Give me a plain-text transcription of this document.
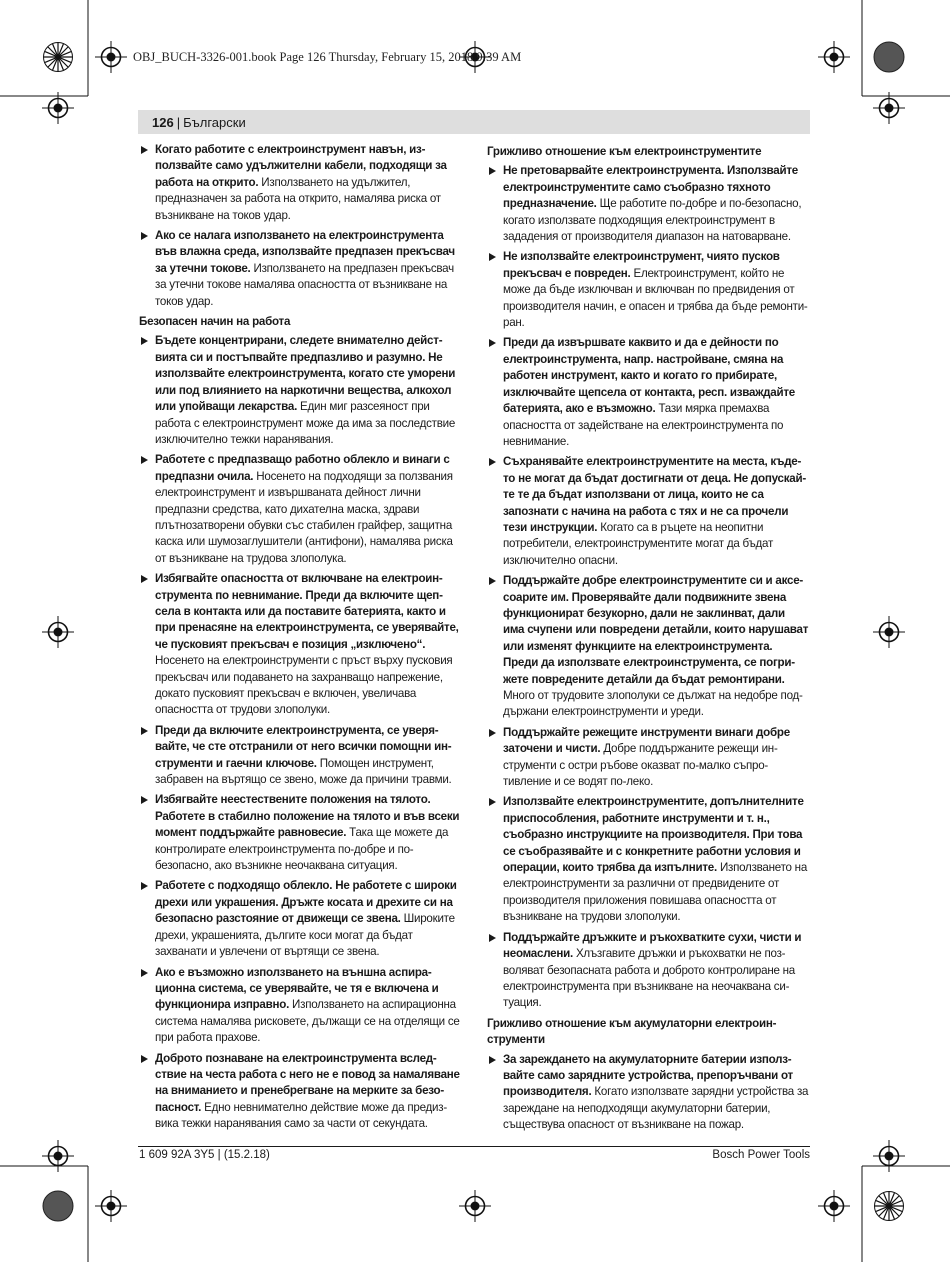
OBJ_BUCH-3326-001.book Page 126 Thursday, February 15, 2018 9:39 AM
126 | Български
Когато работите с електроинструмент навън, използвайте само удължителни кабели, подходящи за работа на открито. Използването на удължител, предназначен за работа на открито, намалява риска от възникване на токов удар.
Ако се налага използването на електроинструмента във влажна среда, използвайте предпазен прекъсвач за утечни токове. Използването на предпазен прекъсвач за утечни токове намалява опасността от възникване на токов удар.
Безопасен начин на работа
Бъдете концентрирани, следете внимателно действията си и постъпвайте предпазливо и разумно. Не използвайте електроинструмента, когато сте уморени или под влиянието на наркотични вещества, алкохол или упойващи лекарства. Един миг разсеяност при работа с електроинструмент може да има за последствие изключително тежки наранявания.
Работете с предпазващо работно облекло и винаги с предпазни очила. Носенето на подходящи за ползвания електроинструмент и извършваната дейност лични предпазни средства, като дихателна маска, здрави плътнозатворени обувки със стабилен грайфер, защитна каска или шумозаглушители (антифони), намалява риска от възникване на трудова злополука.
Избягвайте опасността от включване на електроинструмента по невнимание. Преди да включите щепсела в контакта или да поставите батерията, както и при пренасяне на електроинструмента, се уверявайте, че пусковият прекъсвач е позиция „изключено“. Носенето на електроинструменти с пръст върху пусковия прекъсвач или подаването на захранващо напрежение, докато пусковият прекъсвач е включен, увеличава опасността от трудови злополуки.
Преди да включите електроинструмента, се уверявайте, че сте отстранили от него всички помощни инструменти и гаечни ключове. Помощен инструмент, забравен на въртящо се звено, може да причини травми.
Избягвайте неестествените положения на тялото. Работете в стабилно положение на тялото и във всеки момент поддържайте равновесие. Така ще можете да контролирате електроинструмента по-добре и по-безопасно, ако възникне неочаквана ситуация.
Работете с подходящо облекло. Не работете с широки дрехи или украшения. Дръжте косата и дрехите си на безопасно разстояние от движещи се звена. Широките дрехи, украшенията, дългите коси могат да бъдат захванати и увлечени от въртящи се звена.
Ако е възможно използването на външна аспирационна система, се уверявайте, че тя е включена и функционира изправно. Използването на аспирационна система намалява рисковете, дължащи се на отделящи се при работа прахове.
Доброто познаване на електроинструмента вследствие на честа работа с него не е повод за намаляване на вниманието и пренебрегване на мерките за безопасност. Едно невнимателно действие може да предизвика тежки наранявания само за части от секундата.
Грижливо отношение към електроинструментите
Не претоварвайте електроинструмента. Използвайте електроинструментите само съобразно тяхното предназначение. Ще работите по-добре и по-безопасно, когато използвате подходящия електроинструмент в зададения от производителя диапазон на натоварване.
Не използвайте електроинструмент, чиято пусков прекъсвач е повреден. Електроинструмент, който не може да бъде изключван и включван по предвидения от производителя начин, е опасен и трябва да бъде ремонтиран.
Преди да извършвате каквито и да е дейности по електроинструмента, напр. настройване, смяна на работен инструмент, както и когато го прибирате, изключвайте щепсела от контакта, респ. изваждайте батерията, ако е възможно. Тази мярка премахва опасността от задействане на електроинструмента по невнимание.
Съхранявайте електроинструментите на места, където не могат да бъдат достигнати от деца. Не допускайте те да бъдат използвани от лица, които не са запознати с начина на работа с тях и не са прочели тези инструкции. Когато са в ръцете на неопитни потребители, електроинструментите могат да бъдат изключително опасни.
Поддържайте добре електроинструментите си и аксесоарите им. Проверявайте дали подвижните звена функционират безукорно, дали не заклинват, дали има счупени или повредени детайли, които нарушават или изменят функциите на електроинструмента. Преди да използвате електроинструмента, се погрижете повредените детайли да бъдат ремонтирани. Много от трудовите злополуки се дължат на недобре поддържани електроинструменти и уреди.
Поддържайте режещите инструменти винаги добре заточени и чисти. Добре поддържаните режещи инструменти с остри ръбове оказват по-малко съпротивление и се водят по-леко.
Използвайте електроинструментите, допълнителните приспособления, работните инструменти и т. н., съобразно инструкциите на производителя. При това се съобразявайте и с конкретните работни условия и операции, които трябва да изпълните. Използването на електроинструменти за различни от предвидените от производителя приложения повишава опасността от възникване на трудови злополуки.
Поддържайте дръжките и ръкохватките сухи, чисти и неомаслени. Хлъзгавите дръжки и ръкохватки не позволяват безопасната работа и доброто контролиране на електроинструмента при възникване на неочаквана ситуация.
Грижливо отношение към акумулаторни електроинструменти
За зареждането на акумулаторните батерии използвайте само зарядните устройства, препоръчвани от производителя. Когато използвате зарядни устройства за зареждане на неподходящи акумулаторни батерии, съществува опасност от възникване на пожар.
1 609 92A 3Y5 | (15.2.18)	Bosch Power Tools
